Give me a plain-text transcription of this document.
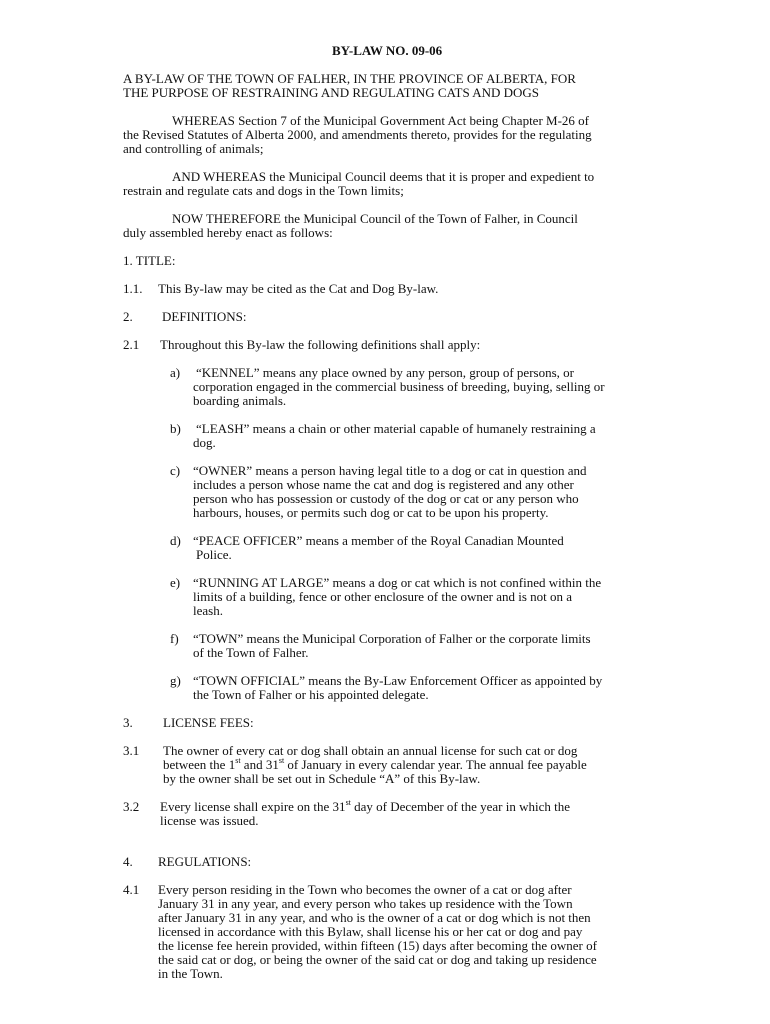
BY-LAW NO. 09-06
A BY-LAW OF THE TOWN OF FALHER, IN THE PROVINCE OF ALBERTA, FOR
THE PURPOSE OF RESTRAINING AND REGULATING CATS AND DOGS
WHEREAS Section 7 of the Municipal Government Act being Chapter M-26 of
the Revised Statutes of Alberta 2000, and amendments thereto, provides for the regulating
and controlling of animals;
AND WHEREAS the Municipal Council deems that it is proper and expedient to
restrain and regulate cats and dogs in the Town limits;
NOW THEREFORE the Municipal Council of the Town of Falher, in Council
duly assembled hereby enact as follows:
1. TITLE:
1.1. This By-law may be cited as the Cat and Dog By-law.
2. DEFINITIONS:
2.1 Throughout this By-law the following definitions shall apply:
a) “KENNEL” means any place owned by any person, group of persons, or
corporation engaged in the commercial business of breeding, buying, selling or
boarding animals.
b) “LEASH” means a chain or other material capable of humanely restraining a
dog.
c) “OWNER” means a person having legal title to a dog or cat in question and
includes a person whose name the cat and dog is registered and any other
person who has possession or custody of the dog or cat or any person who
harbours, houses, or permits such dog or cat to be upon his property.
d) “PEACE OFFICER” means a member of the Royal Canadian Mounted
Police.
e) “RUNNING AT LARGE” means a dog or cat which is not confined within the
limits of a building, fence or other enclosure of the owner and is not on a
leash.
f) “TOWN” means the Municipal Corporation of Falher or the corporate limits
of the Town of Falher.
g) “TOWN OFFICIAL” means the By-Law Enforcement Officer as appointed by
the Town of Falher or his appointed delegate.
3. LICENSE FEES:
3.1 The owner of every cat or dog shall obtain an annual license for such cat or dog
between the 1st and 31st of January in every calendar year. The annual fee payable
by the owner shall be set out in Schedule “A” of this By-law.
3.2 Every license shall expire on the 31st day of December of the year in which the
license was issued.
4. REGULATIONS:
4.1 Every person residing in the Town who becomes the owner of a cat or dog after
January 31 in any year, and every person who takes up residence with the Town
after January 31 in any year, and who is the owner of a cat or dog which is not then
licensed in accordance with this Bylaw, shall license his or her cat or dog and pay
the license fee herein provided, within fifteen (15) days after becoming the owner of
the said cat or dog, or being the owner of the said cat or dog and taking up residence
in the Town.
